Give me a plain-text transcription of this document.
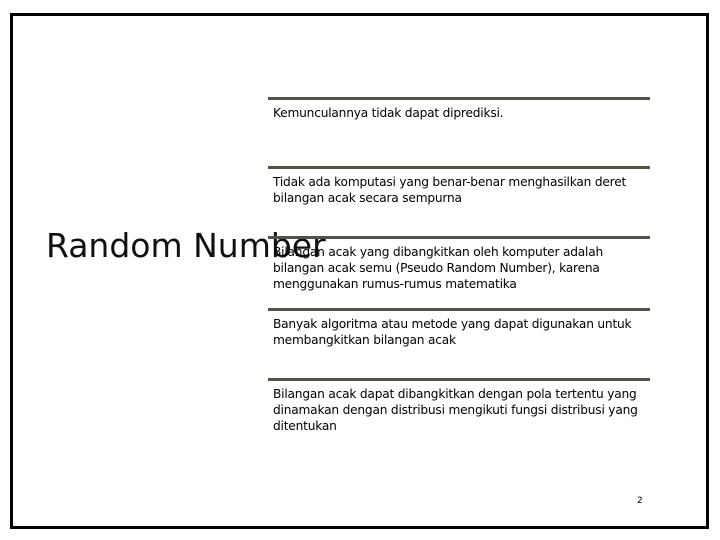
Random Number
Kemunculannya tidak dapat diprediksi.
Tidak ada komputasi yang benar-benar menghasilkan deret bilangan acak secara sempurna
Bilangan acak yang dibangkitkan oleh komputer adalah bilangan acak semu (Pseudo Random Number), karena menggunakan rumus-rumus matematika
Banyak algoritma atau metode yang dapat digunakan untuk membangkitkan bilangan acak
Bilangan acak dapat dibangkitkan dengan pola tertentu yang dinamakan dengan distribusi mengikuti fungsi distribusi yang ditentukan
2
